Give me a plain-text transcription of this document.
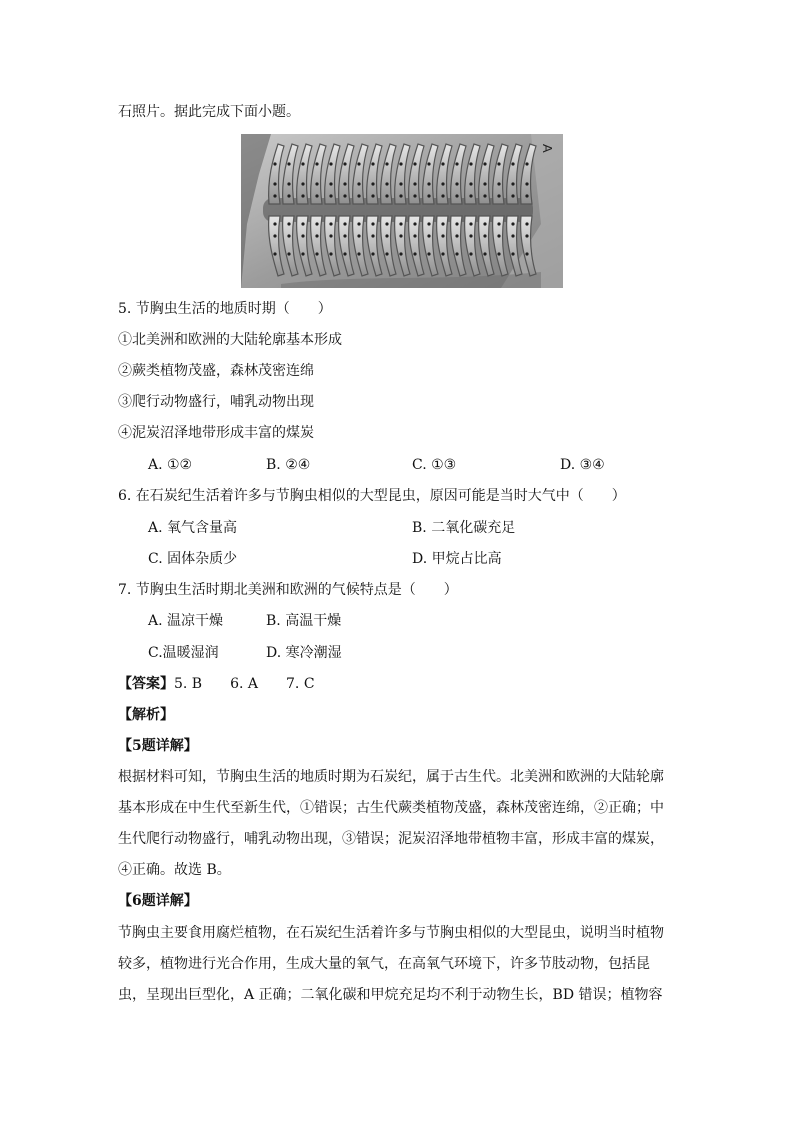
石照片。据此完成下面小题。
A
5. 节胸虫生活的地质时期（　　）
①北美洲和欧洲的大陆轮廓基本形成
②蕨类植物茂盛，森林茂密连绵
③爬行动物盛行，哺乳动物出现
④泥炭沼泽地带形成丰富的煤炭
A. ①②	B. ②④	C. ①③	D. ③④
6. 在石炭纪生活着许多与节胸虫相似的大型昆虫，原因可能是当时大气中（　　）
A. 氧气含量高	B. 二氧化碳充足
C. 固体杂质少	D. 甲烷占比高
7. 节胸虫生活时期北美洲和欧洲的气候特点是（　　）
A. 温凉干燥	B. 高温干燥
C.温暖湿润	D. 寒冷潮湿
【答案】5. B　　6. A　　7. C
【解析】
【5题详解】
根据材料可知，节胸虫生活的地质时期为石炭纪，属于古生代。北美洲和欧洲的大陆轮廓
基本形成在中生代至新生代，①错误；古生代蕨类植物茂盛，森林茂密连绵，②正确；中
生代爬行动物盛行，哺乳动物出现，③错误；泥炭沼泽地带植物丰富，形成丰富的煤炭，
④正确。故选 B。
【6题详解】
节胸虫主要食用腐烂植物，在石炭纪生活着许多与节胸虫相似的大型昆虫，说明当时植物
较多，植物进行光合作用，生成大量的氧气，在高氧气环境下，许多节肢动物，包括昆
虫，呈现出巨型化，A 正确；二氧化碳和甲烷充足均不利于动物生长，BD 错误；植物容
